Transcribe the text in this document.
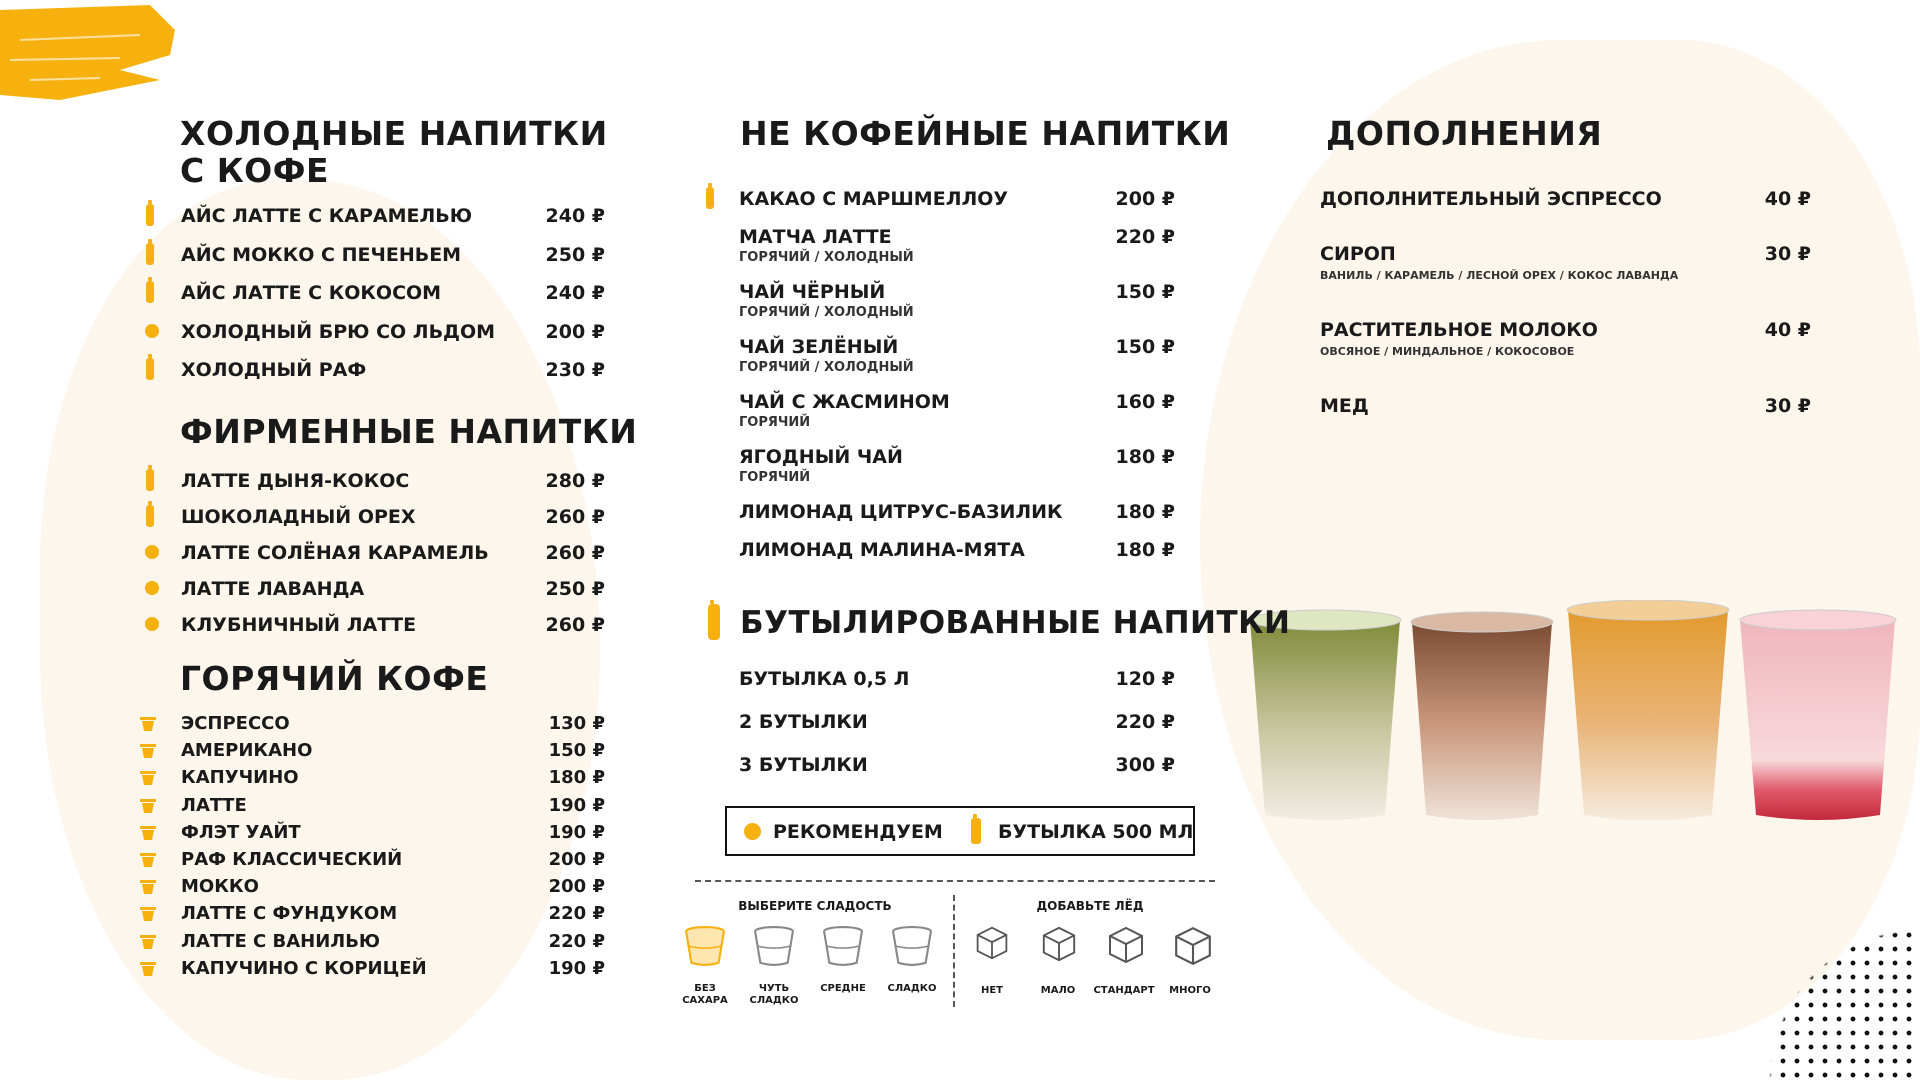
ХОЛОДНЫЕ НАПИТКИ
С КОФЕ
АЙС ЛАТТЕ С КАРАМЕЛЬЮ	240 ₽
АЙС МОККО С ПЕЧЕНЬЕМ	250 ₽
АЙС ЛАТТЕ С КОКОСОМ	240 ₽
ХОЛОДНЫЙ БРЮ СО ЛЬДОМ	200 ₽
ХОЛОДНЫЙ РАФ	230 ₽
ФИРМЕННЫЕ НАПИТКИ
ЛАТТЕ ДЫНЯ-КОКОС	280 ₽
ШОКОЛАДНЫЙ ОРЕХ	260 ₽
ЛАТТЕ СОЛЁНАЯ КАРАМЕЛЬ	260 ₽
ЛАТТЕ ЛАВАНДА	250 ₽
КЛУБНИЧНЫЙ ЛАТТЕ	260 ₽
ГОРЯЧИЙ КОФЕ
ЭСПРЕССО	130 ₽
АМЕРИКАНО	150 ₽
КАПУЧИНО	180 ₽
ЛАТТЕ	190 ₽
ФЛЭТ УАЙТ	190 ₽
РАФ КЛАССИЧЕСКИЙ	200 ₽
МОККО	200 ₽
ЛАТТЕ С ФУНДУКОМ	220 ₽
ЛАТТЕ С ВАНИЛЬЮ	220 ₽
КАПУЧИНО С КОРИЦЕЙ	190 ₽
НЕ КОФЕЙНЫЕ НАПИТКИ
КАКАО С МАРШМЕЛЛОУ	200 ₽
МАТЧА ЛАТТЕ	220 ₽
ГОРЯЧИЙ / ХОЛОДНЫЙ
ЧАЙ ЧЁРНЫЙ	150 ₽
ГОРЯЧИЙ / ХОЛОДНЫЙ
ЧАЙ ЗЕЛЁНЫЙ	150 ₽
ГОРЯЧИЙ / ХОЛОДНЫЙ
ЧАЙ С ЖАСМИНОМ	160 ₽
ГОРЯЧИЙ
ЯГОДНЫЙ ЧАЙ	180 ₽
ГОРЯЧИЙ
ЛИМОНАД ЦИТРУС-БАЗИЛИК	180 ₽
ЛИМОНАД МАЛИНА-МЯТА	180 ₽
БУТЫЛИРОВАННЫЕ НАПИТКИ
БУТЫЛКА 0,5 Л	120 ₽
2 БУТЫЛКИ	220 ₽
3 БУТЫЛКИ	300 ₽
РЕКОМЕНДУЕМ	БУТЫЛКА 500 МЛ
ВЫБЕРИТЕ СЛАДОСТЬ
БЕЗ САХАРА
ЧУТЬ СЛАДКО
СРЕДНЕ	СЛАДКО
ДОБАВЬТЕ ЛЁД
НЕТ	МАЛО	СТАНДАРТ	МНОГО
ДОПОЛНЕНИЯ
ДОПОЛНИТЕЛЬНЫЙ ЭСПРЕССО	40 ₽
СИРОП	30 ₽
ВАНИЛЬ / КАРАМЕЛЬ / ЛЕСНОЙ ОРЕХ / КОКОС ЛАВАНДА
РАСТИТЕЛЬНОЕ МОЛОКО	40 ₽
ОВСЯНОЕ / МИНДАЛЬНОЕ / КОКОСОВОЕ
МЕД	30 ₽
